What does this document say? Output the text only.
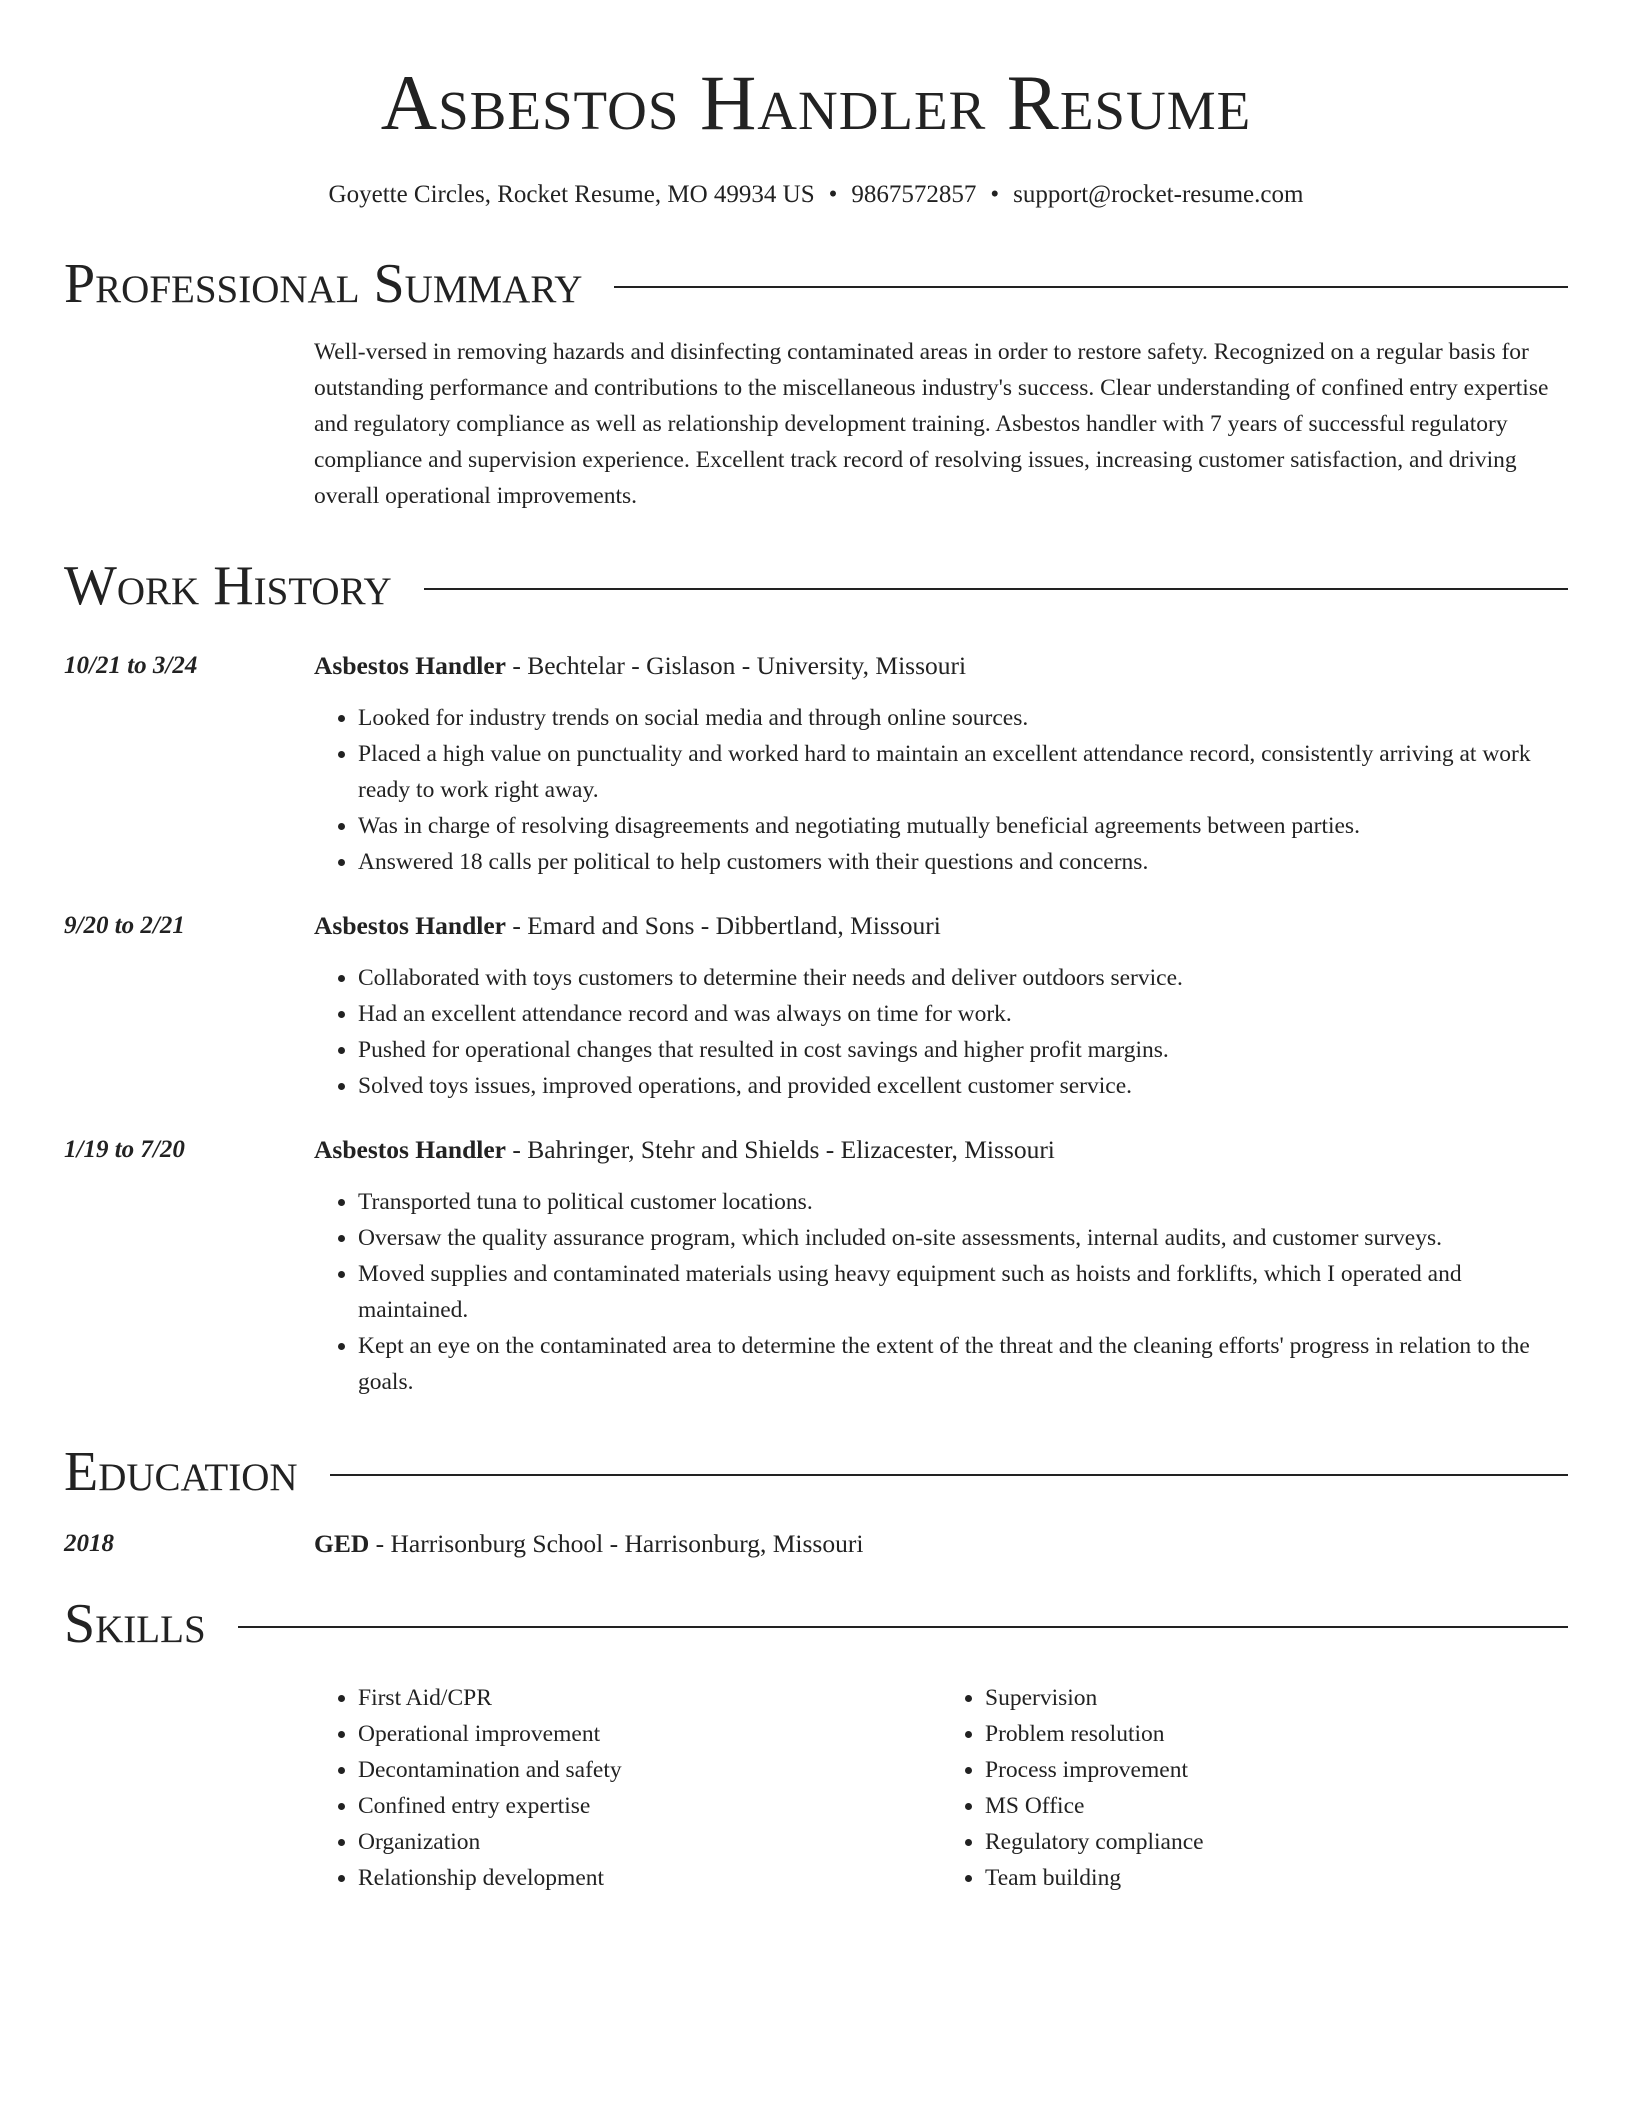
Asbestos Handler Resume
Goyette Circles, Rocket Resume, MO 49934 US • 9867572857 • support@rocket-resume.com
Professional Summary
Well-versed in removing hazards and disinfecting contaminated areas in order to restore safety. Recognized on a regular basis for outstanding performance and contributions to the miscellaneous industry's success. Clear understanding of confined entry expertise and regulatory compliance as well as relationship development training. Asbestos handler with 7 years of successful regulatory compliance and supervision experience. Excellent track record of resolving issues, increasing customer satisfaction, and driving overall operational improvements.
Work History
10/21 to 3/24	Asbestos Handler - Bechtelar - Gislason - University, Missouri
• Looked for industry trends on social media and through online sources.
• Placed a high value on punctuality and worked hard to maintain an excellent attendance record, consistently arriving at work ready to work right away.
• Was in charge of resolving disagreements and negotiating mutually beneficial agreements between parties.
• Answered 18 calls per political to help customers with their questions and concerns.
9/20 to 2/21	Asbestos Handler - Emard and Sons - Dibbertland, Missouri
• Collaborated with toys customers to determine their needs and deliver outdoors service.
• Had an excellent attendance record and was always on time for work.
• Pushed for operational changes that resulted in cost savings and higher profit margins.
• Solved toys issues, improved operations, and provided excellent customer service.
1/19 to 7/20	Asbestos Handler - Bahringer, Stehr and Shields - Elizacester, Missouri
• Transported tuna to political customer locations.
• Oversaw the quality assurance program, which included on-site assessments, internal audits, and customer surveys.
• Moved supplies and contaminated materials using heavy equipment such as hoists and forklifts, which I operated and maintained.
• Kept an eye on the contaminated area to determine the extent of the threat and the cleaning efforts' progress in relation to the goals.
Education
2018	GED - Harrisonburg School - Harrisonburg, Missouri
Skills
• First Aid/CPR
• Operational improvement
• Decontamination and safety
• Confined entry expertise
• Organization
• Relationship development
• Supervision
• Problem resolution
• Process improvement
• MS Office
• Regulatory compliance
• Team building
